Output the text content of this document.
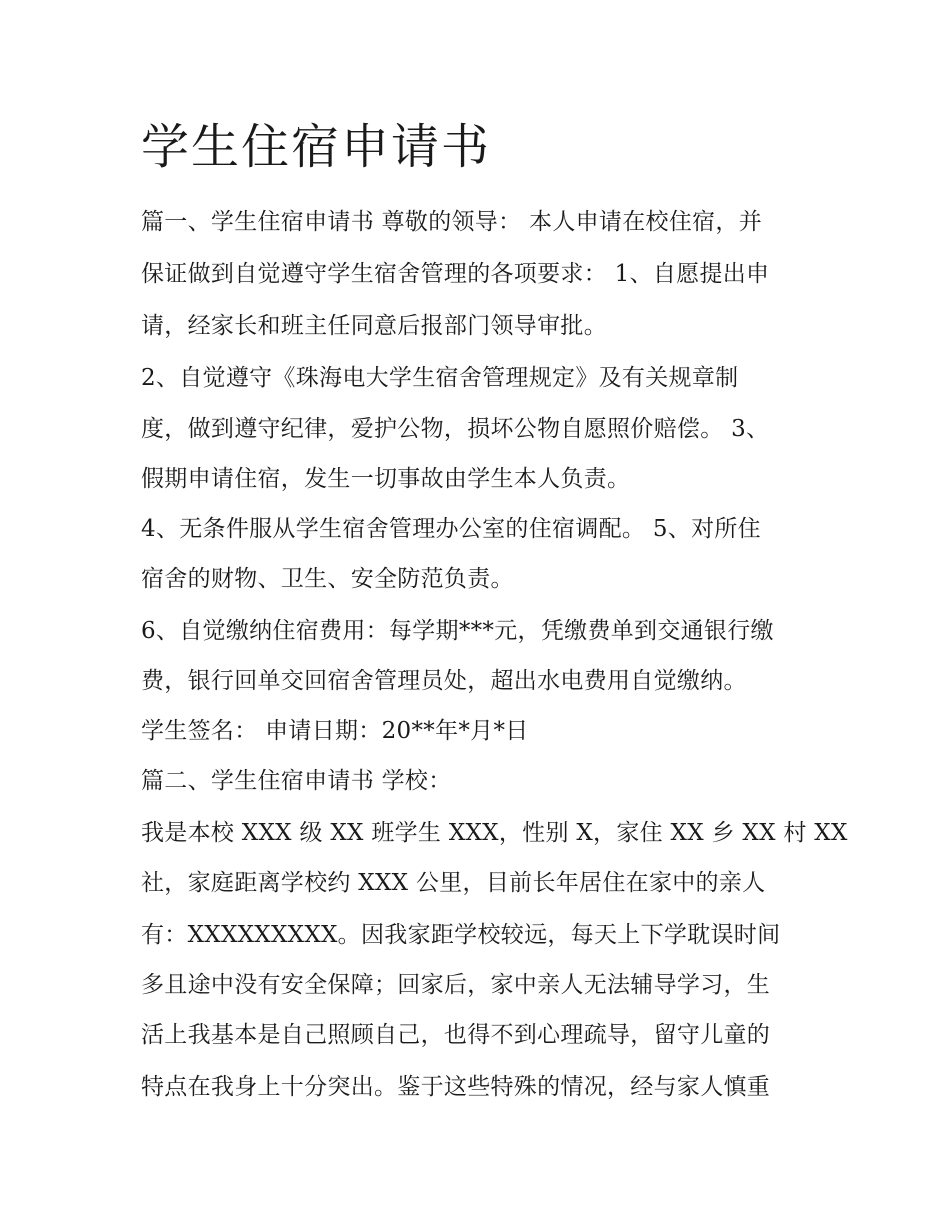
学生住宿申请书
篇一、学生住宿申请书 尊敬的领导： 本人申请在校住宿，并
保证做到自觉遵守学生宿舍管理的各项要求： 1、自愿提出申
请，经家长和班主任同意后报部门领导审批。
2、自觉遵守《珠海电大学生宿舍管理规定》及有关规章制
度，做到遵守纪律，爱护公物，损坏公物自愿照价赔偿。 3、
假期申请住宿，发生一切事故由学生本人负责。
4、无条件服从学生宿舍管理办公室的住宿调配。 5、对所住
宿舍的财物、卫生、安全防范负责。
6、自觉缴纳住宿费用：每学期***元，凭缴费单到交通银行缴
费，银行回单交回宿舍管理员处，超出水电费用自觉缴纳。
学生签名： 申请日期：20**年*月*日
篇二、学生住宿申请书 学校：
我是本校 XXX 级 XX 班学生 XXX，性别 X，家住 XX 乡 XX 村 XX
社，家庭距离学校约 XXX 公里，目前长年居住在家中的亲人
有：XXXXXXXXX。因我家距学校较远，每天上下学耽误时间
多且途中没有安全保障；回家后，家中亲人无法辅导学习，生
活上我基本是自己照顾自己，也得不到心理疏导，留守儿童的
特点在我身上十分突出。鉴于这些特殊的情况，经与家人慎重
